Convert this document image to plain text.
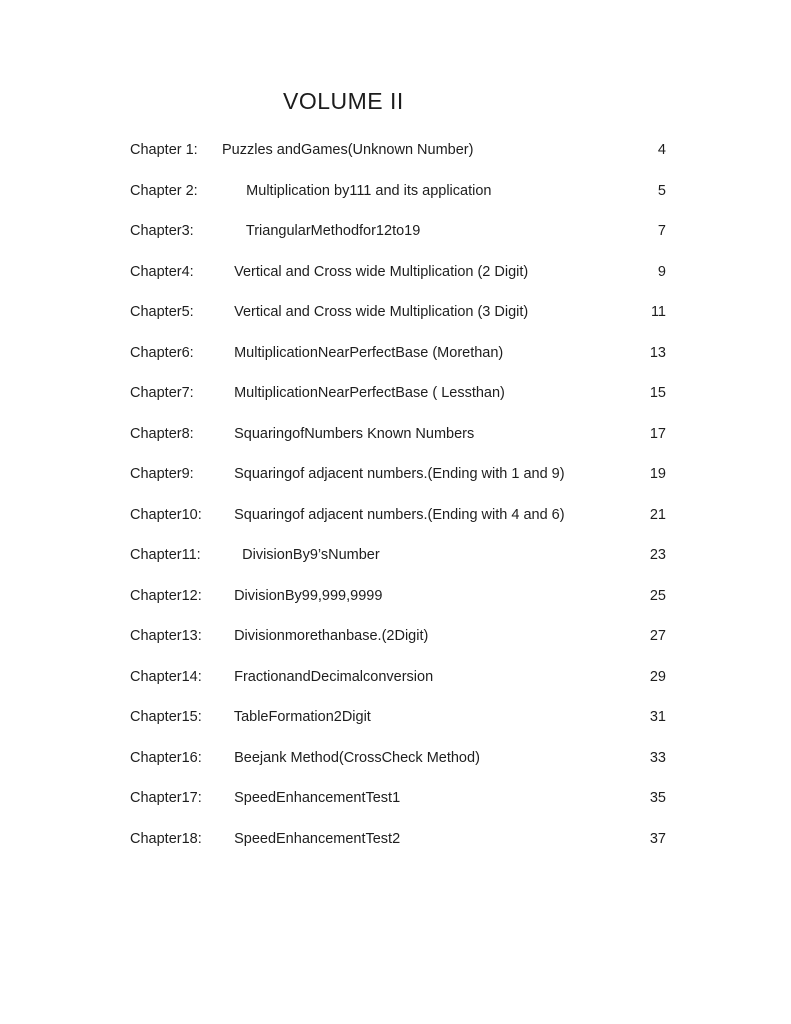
VOLUME II
Chapter 1:	Puzzles andGames(Unknown Number)	4
Chapter 2:	Multiplication by111 and its application	5
Chapter3:	TriangularMethodfor12to19	7
Chapter4:	Vertical and Cross wide Multiplication (2 Digit)	9
Chapter5:	Vertical and Cross wide Multiplication (3 Digit)	11
Chapter6:	MultiplicationNearPerfectBase (Morethan)	13
Chapter7:	MultiplicationNearPerfectBase ( Lessthan)	15
Chapter8:	SquaringofNumbers Known Numbers	17
Chapter9:	Squaringof adjacent numbers.(Ending with 1 and 9)	19
Chapter10:	Squaringof adjacent numbers.(Ending with 4 and 6)	21
Chapter11:	DivisionBy9’sNumber	23
Chapter12:	DivisionBy99,999,9999	25
Chapter13:	Divisionmorethanbase.(2Digit)	27
Chapter14:	FractionandDecimalconversion	29
Chapter15:	TableFormation2Digit	31
Chapter16:	Beejank Method(CrossCheck Method)	33
Chapter17:	SpeedEnhancementTest1	35
Chapter18:	SpeedEnhancementTest2	37
